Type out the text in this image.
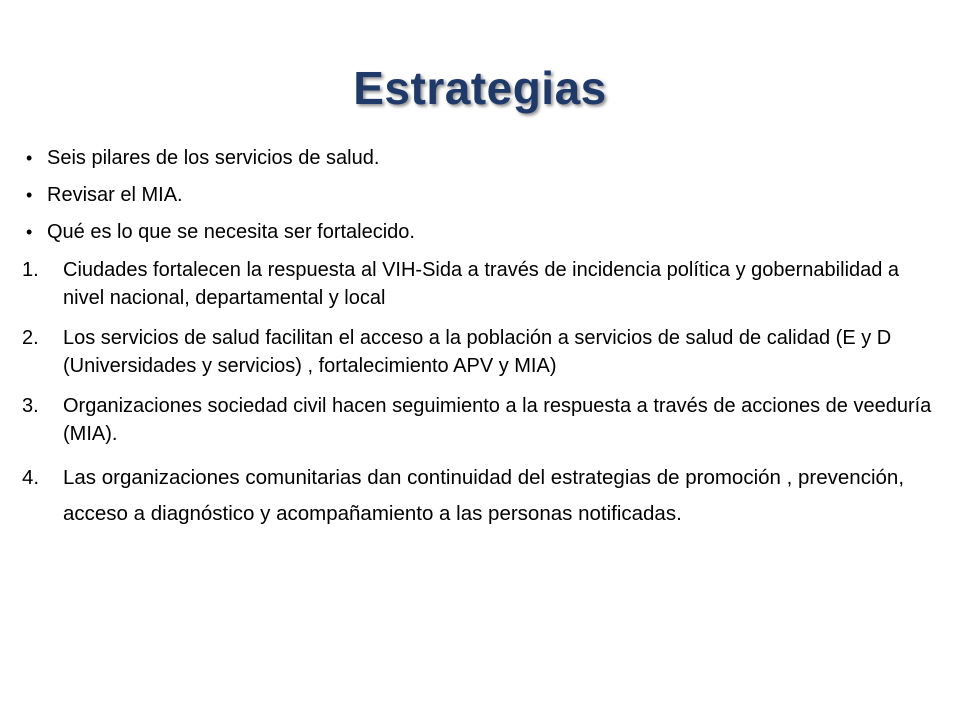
Estrategias
• Seis pilares de los servicios de salud.
• Revisar el MIA.
• Qué es lo que se necesita ser fortalecido.
1. Ciudades fortalecen la respuesta al VIH-Sida a través de incidencia política y gobernabilidad a nivel nacional, departamental y local
2. Los servicios de salud facilitan el acceso a la población a servicios de salud de calidad (E y D (Universidades y servicios) , fortalecimiento APV y MIA)
3. Organizaciones sociedad civil hacen seguimiento a la respuesta a través de acciones de veeduría (MIA).
4. Las organizaciones comunitarias dan continuidad del estrategias de promoción , prevención, acceso a diagnóstico y acompañamiento a las personas notificadas.
